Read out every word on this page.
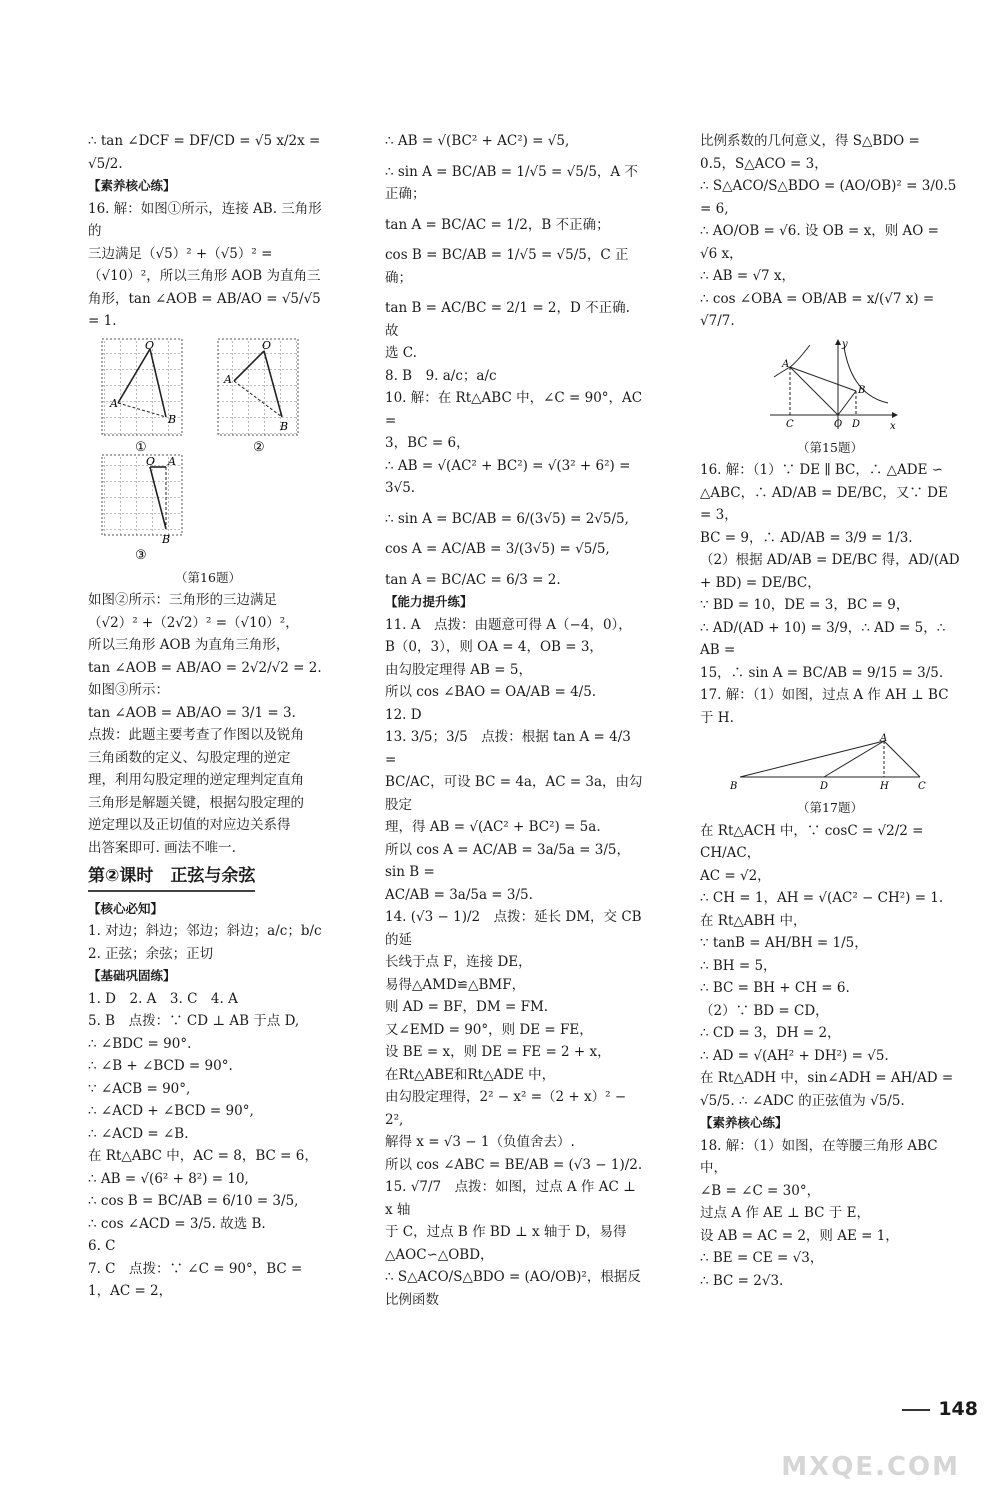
∴ tan ∠DCF = DF/CD = √5 x/2x = √5/2.
【素养核心练】
16. 解：如图①所示，连接 AB. 三角形的
三边满足（√5）² +（√5）² =
（√10）²，所以三角形 AOB 为直角三
角形，tan ∠AOB = AB/AO = √5/√5 = 1.
O
A
B
①
O
A
B
②
O A
B
③
（第16题）
如图②所示：三角形的三边满足
（√2）² +（2√2）² =（√10）²，
所以三角形 AOB 为直角三角形，
tan ∠AOB = AB/AO = 2√2/√2 = 2.
如图③所示：
tan ∠AOB = AB/AO = 3/1 = 3.
点拨：此题主要考查了作图以及锐角
三角函数的定义、勾股定理的逆定
理，利用勾股定理的逆定理判定直角
三角形是解题关键，根据勾股定理的
逆定理以及正切值的对应边关系得
出答案即可. 画法不唯一.
第②课时　正弦与余弦
【核心必知】
1. 对边；斜边；邻边；斜边；a/c；b/c
2. 正弦；余弦；正切
【基础巩固练】
1. D　2. A　3. C　4. A
5. B　点拨：∵ CD ⊥ AB 于点 D,
∴ ∠BDC = 90°.
∴ ∠B + ∠BCD = 90°.
∵ ∠ACB = 90°,
∴ ∠ACD + ∠BCD = 90°,
∴ ∠ACD = ∠B.
在 Rt△ABC 中，AC = 8，BC = 6，
∴ AB = √(6² + 8²) = 10,
∴ cos B = BC/AB = 6/10 = 3/5,
∴ cos ∠ACD = 3/5. 故选 B.
6. C
7. C　点拨：∵ ∠C = 90°，BC = 1，AC = 2，
∴ AB = √(BC² + AC²) = √5,
∴ sin A = BC/AB = 1/√5 = √5/5，A 不正确；
tan A = BC/AC = 1/2，B 不正确；
cos B = BC/AB = 1/√5 = √5/5，C 正确；
tan B = AC/BC = 2/1 = 2，D 不正确. 故
选 C.
8. B　9. a/c；a/c
10. 解：在 Rt△ABC 中，∠C = 90°，AC =
3，BC = 6，
∴ AB = √(AC² + BC²) = √(3² + 6²) =
3√5.
∴ sin A = BC/AB = 6/(3√5) = 2√5/5,
cos A = AC/AB = 3/(3√5) = √5/5,
tan A = BC/AC = 6/3 = 2.
【能力提升练】
11. A　点拨：由题意可得 A（−4，0），
B（0，3），则 OA = 4，OB = 3，
由勾股定理得 AB = 5，
所以 cos ∠BAO = OA/AB = 4/5.
12. D
13. 3/5；3/5　点拨：根据 tan A = 4/3 =
BC/AC，可设 BC = 4a，AC = 3a，由勾股定
理，得 AB = √(AC² + BC²) = 5a.
所以 cos A = AC/AB = 3a/5a = 3/5，sin B =
AC/AB = 3a/5a = 3/5.
14. (√3 − 1)/2　点拨：延长 DM，交 CB 的延
长线于点 F，连接 DE，
易得△AMD≌△BMF，
则 AD = BF，DM = FM.
又∠EMD = 90°，则 DE = FE，
设 BE = x，则 DE = FE = 2 + x，
在Rt△ABE和Rt△ADE 中，
由勾股定理得，2² − x² =（2 + x）² −
2²,
解得 x = √3 − 1（负值舍去）.
所以 cos ∠ABC = BE/AB = (√3 − 1)/2.
15. √7/7　点拨：如图，过点 A 作 AC ⊥ x 轴
于 C，过点 B 作 BD ⊥ x 轴于 D，易得
△AOC∽△OBD，
∴ S△ACO/S△BDO = (AO/OB)²，根据反比例函数
比例系数的几何意义，得 S△BDO =
0.5，S△ACO = 3，
∴ S△ACO/S△BDO = (AO/OB)² = 3/0.5 = 6,
∴ AO/OB = √6. 设 OB = x，则 AO = √6 x，
∴ AB = √7 x，
∴ cos ∠OBA = OB/AB = x/(√7 x) = √7/7.
A
B
C	O D	x
y
（第15题）
16. 解：（1）∵ DE ∥ BC，∴ △ADE ∽
△ABC，∴ AD/AB = DE/BC，又∵ DE = 3，
BC = 9，∴ AD/AB = 3/9 = 1/3.
（2）根据 AD/AB = DE/BC 得，AD/(AD + BD) = DE/BC，
∵ BD = 10，DE = 3，BC = 9，
∴ AD/(AD + 10) = 3/9，∴ AD = 5，∴ AB =
15，∴ sin A = BC/AB = 9/15 = 3/5.
17. 解：（1）如图，过点 A 作 AH ⊥ BC
于 H.
B	D	H	C
A
（第17题）
在 Rt△ACH 中，∵ cosC = √2/2 = CH/AC，
AC = √2，
∴ CH = 1，AH = √(AC² − CH²) = 1.
在 Rt△ABH 中，
∵ tanB = AH/BH = 1/5，
∴ BH = 5，
∴ BC = BH + CH = 6.
（2）∵ BD = CD，
∴ CD = 3，DH = 2，
∴ AD = √(AH² + DH²) = √5.
在 Rt△ADH 中，sin∠ADH = AH/AD =
√5/5. ∴ ∠ADC 的正弦值为 √5/5.
【素养核心练】
18. 解：（1）如图，在等腰三角形 ABC 中，
∠B = ∠C = 30°，
过点 A 作 AE ⊥ BC 于 E，
设 AB = AC = 2，则 AE = 1，
∴ BE = CE = √3，
∴ BC = 2√3.
148
MXQE.COM
